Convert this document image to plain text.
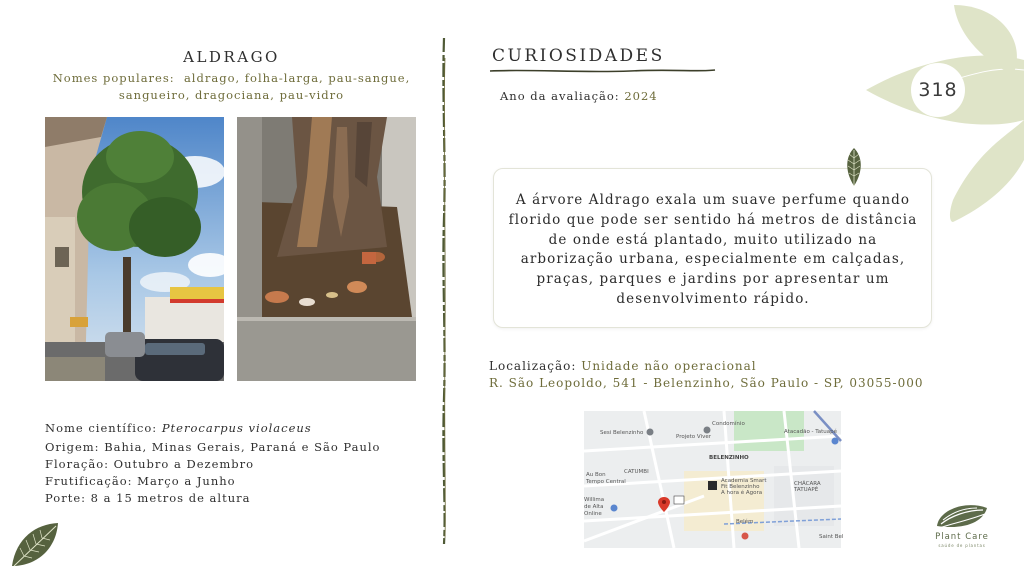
ALDRAGO
Nomes populares: aldrago, folha-larga, pau-sangue,
sangueiro, dragociana, pau-vidro
Nome científico: Pterocarpus violaceus
Origem: Bahia, Minas Gerais, Paraná e São Paulo
Floração: Outubro a Dezembro
Frutificação: Março a Junho
Porte: 8 a 15 metros de altura
CURIOSIDADES
Ano da avaliação: 2024
A árvore Aldrago exala um suave perfume quando florido que pode ser sentido há metros de distância de onde está plantado, muito utilizado na arborização urbana, especialmente em calçadas, praças, parques e jardins por apresentar um desenvolvimento rápido.
Localização: Unidade não operacional
R. São Leopoldo, 541 - Belenzinho, São Paulo - SP, 03055-000
Sesi Belenzinho
Projeto Viver
Atacadão - Tatuapé
BELENZINHO
Au Bon
Tempo Central
CATUMBI
Academia Smart
Fit Belenzinho
A hora é Agora
CHÁCARA
TATUAPÉ
Willima
de Alta
Online
Belém
Condomínio
Saint Bel
318
Plant Care
saúde de plantas
